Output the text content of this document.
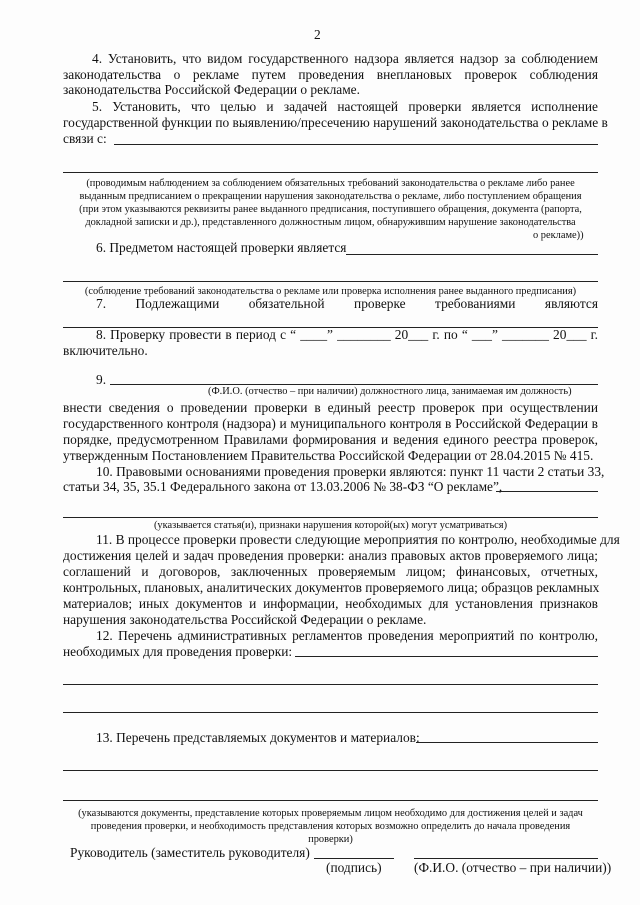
2
4. Установить, что видом государственного надзора является надзор за соблюдением
законодательства о рекламе путем проведения внеплановых проверок соблюдения
законодательства Российской Федерации о рекламе.
5. Установить, что целью и задачей настоящей проверки является исполнение
государственной функции по выявлению/пресечению нарушений законодательства о рекламе в
связи с:
(проводимым наблюдением за соблюдением обязательных требований законодательства о рекламе либо ранее
выданным предписанием о прекращении нарушения законодательства о рекламе, либо поступлением обращения
(при этом указываются реквизиты ранее выданного предписания, поступившего обращения, документа (рапорта,
докладной записки и др.), представленного должностным лицом, обнаружившим нарушение законодательства
о рекламе))
6. Предметом настоящей проверки является
(соблюдение требований законодательства о рекламе или проверка исполнения ранее выданного предписания)
7. Подлежащими обязательной проверке требованиями являются
8. Проверку провести в период с “ ____” ________ 20___ г. по “ ___” _______ 20___ г.
включительно.
9.
(Ф.И.О. (отчество – при наличии) должностного лица, занимаемая им должность)
внести сведения о проведении проверки в единый реестр проверок при осуществлении
государственного контроля (надзора) и муниципального контроля в Российской Федерации в
порядке, предусмотренном Правилами формирования и ведения единого реестра проверок,
утвержденным Постановлением Правительства Российской Федерации от 28.04.2015 № 415.
10. Правовыми основаниями проведения проверки являются: пункт 11 части 2 статьи 33,
статьи 34, 35, 35.1 Федерального закона от 13.03.2006 № 38-ФЗ “О рекламе”,
(указывается статья(и), признаки нарушения которой(ых) могут усматриваться)
11. В процессе проверки провести следующие мероприятия по контролю, необходимые для
достижения целей и задач проведения проверки: анализ правовых актов проверяемого лица;
соглашений и договоров, заключенных проверяемым лицом; финансовых, отчетных,
контрольных, плановых, аналитических документов проверяемого лица; образцов рекламных
материалов; иных документов и информации, необходимых для установления признаков
нарушения законодательства Российской Федерации о рекламе.
12. Перечень административных регламентов проведения мероприятий по контролю,
необходимых для проведения проверки:
13. Перечень представляемых документов и материалов:
(указываются документы, представление которых проверяемым лицом необходимо для достижения целей и задач
проведения проверки, и необходимость представления которых возможно определить до начала проведения
проверки)
Руководитель (заместитель руководителя)
(подпись) (Ф.И.О. (отчество – при наличии))
